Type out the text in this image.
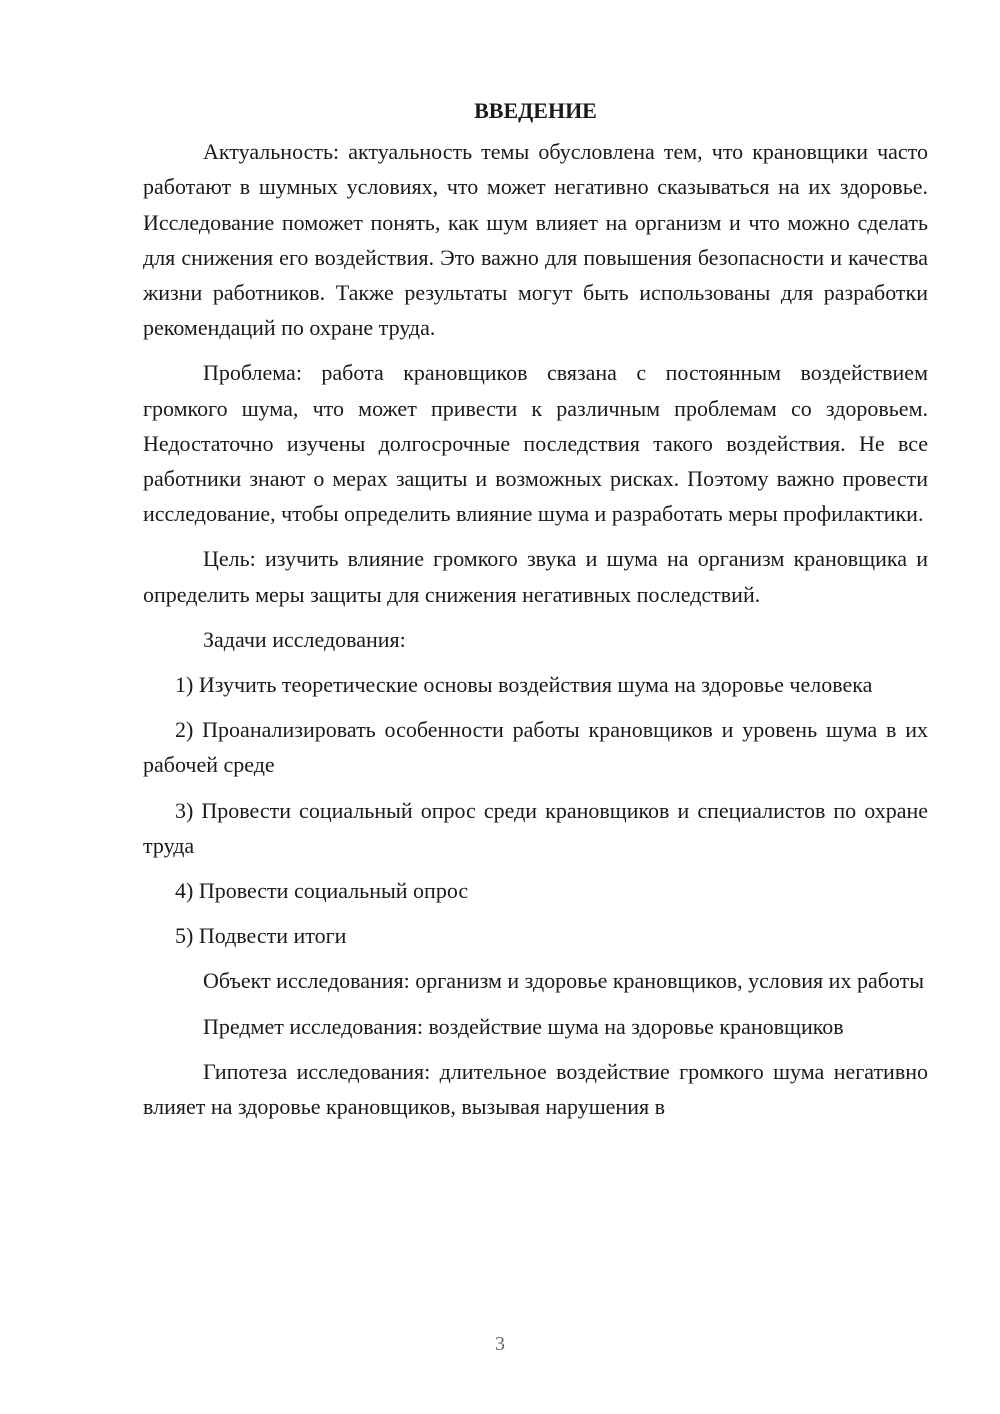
ВВЕДЕНИЕ

Актуальность: актуальность темы обусловлена тем, что крановщики часто работают в шумных условиях, что может негативно сказываться на их здоровье. Исследование поможет понять, как шум влияет на организм и что можно сделать для снижения его воздействия. Это важно для повышения безопасности и качества жизни работников. Также результаты могут быть использованы для разработки рекомендаций по охране труда.

Проблема: работа крановщиков связана с постоянным воздействием громкого шума, что может привести к различным проблемам со здоровьем. Недостаточно изучены долгосрочные последствия такого воздействия. Не все работники знают о мерах защиты и возможных рисках. Поэтому важно провести исследование, чтобы определить влияние шума и разработать меры профилактики.

Цель: изучить влияние громкого звука и шума на организм крановщика и определить меры защиты для снижения негативных последствий.

Задачи исследования:

1) Изучить теоретические основы воздействия шума на здоровье человека

2) Проанализировать особенности работы крановщиков и уровень шума в их рабочей среде

3) Провести социальный опрос среди крановщиков и специалистов по охране труда

4) Провести социальный опрос

5) Подвести итоги

Объект исследования: организм и здоровье крановщиков, условия их работы

Предмет исследования: воздействие шума на здоровье крановщиков

Гипотеза исследования: длительное воздействие громкого шума негативно влияет на здоровье крановщиков, вызывая нарушения в

3
